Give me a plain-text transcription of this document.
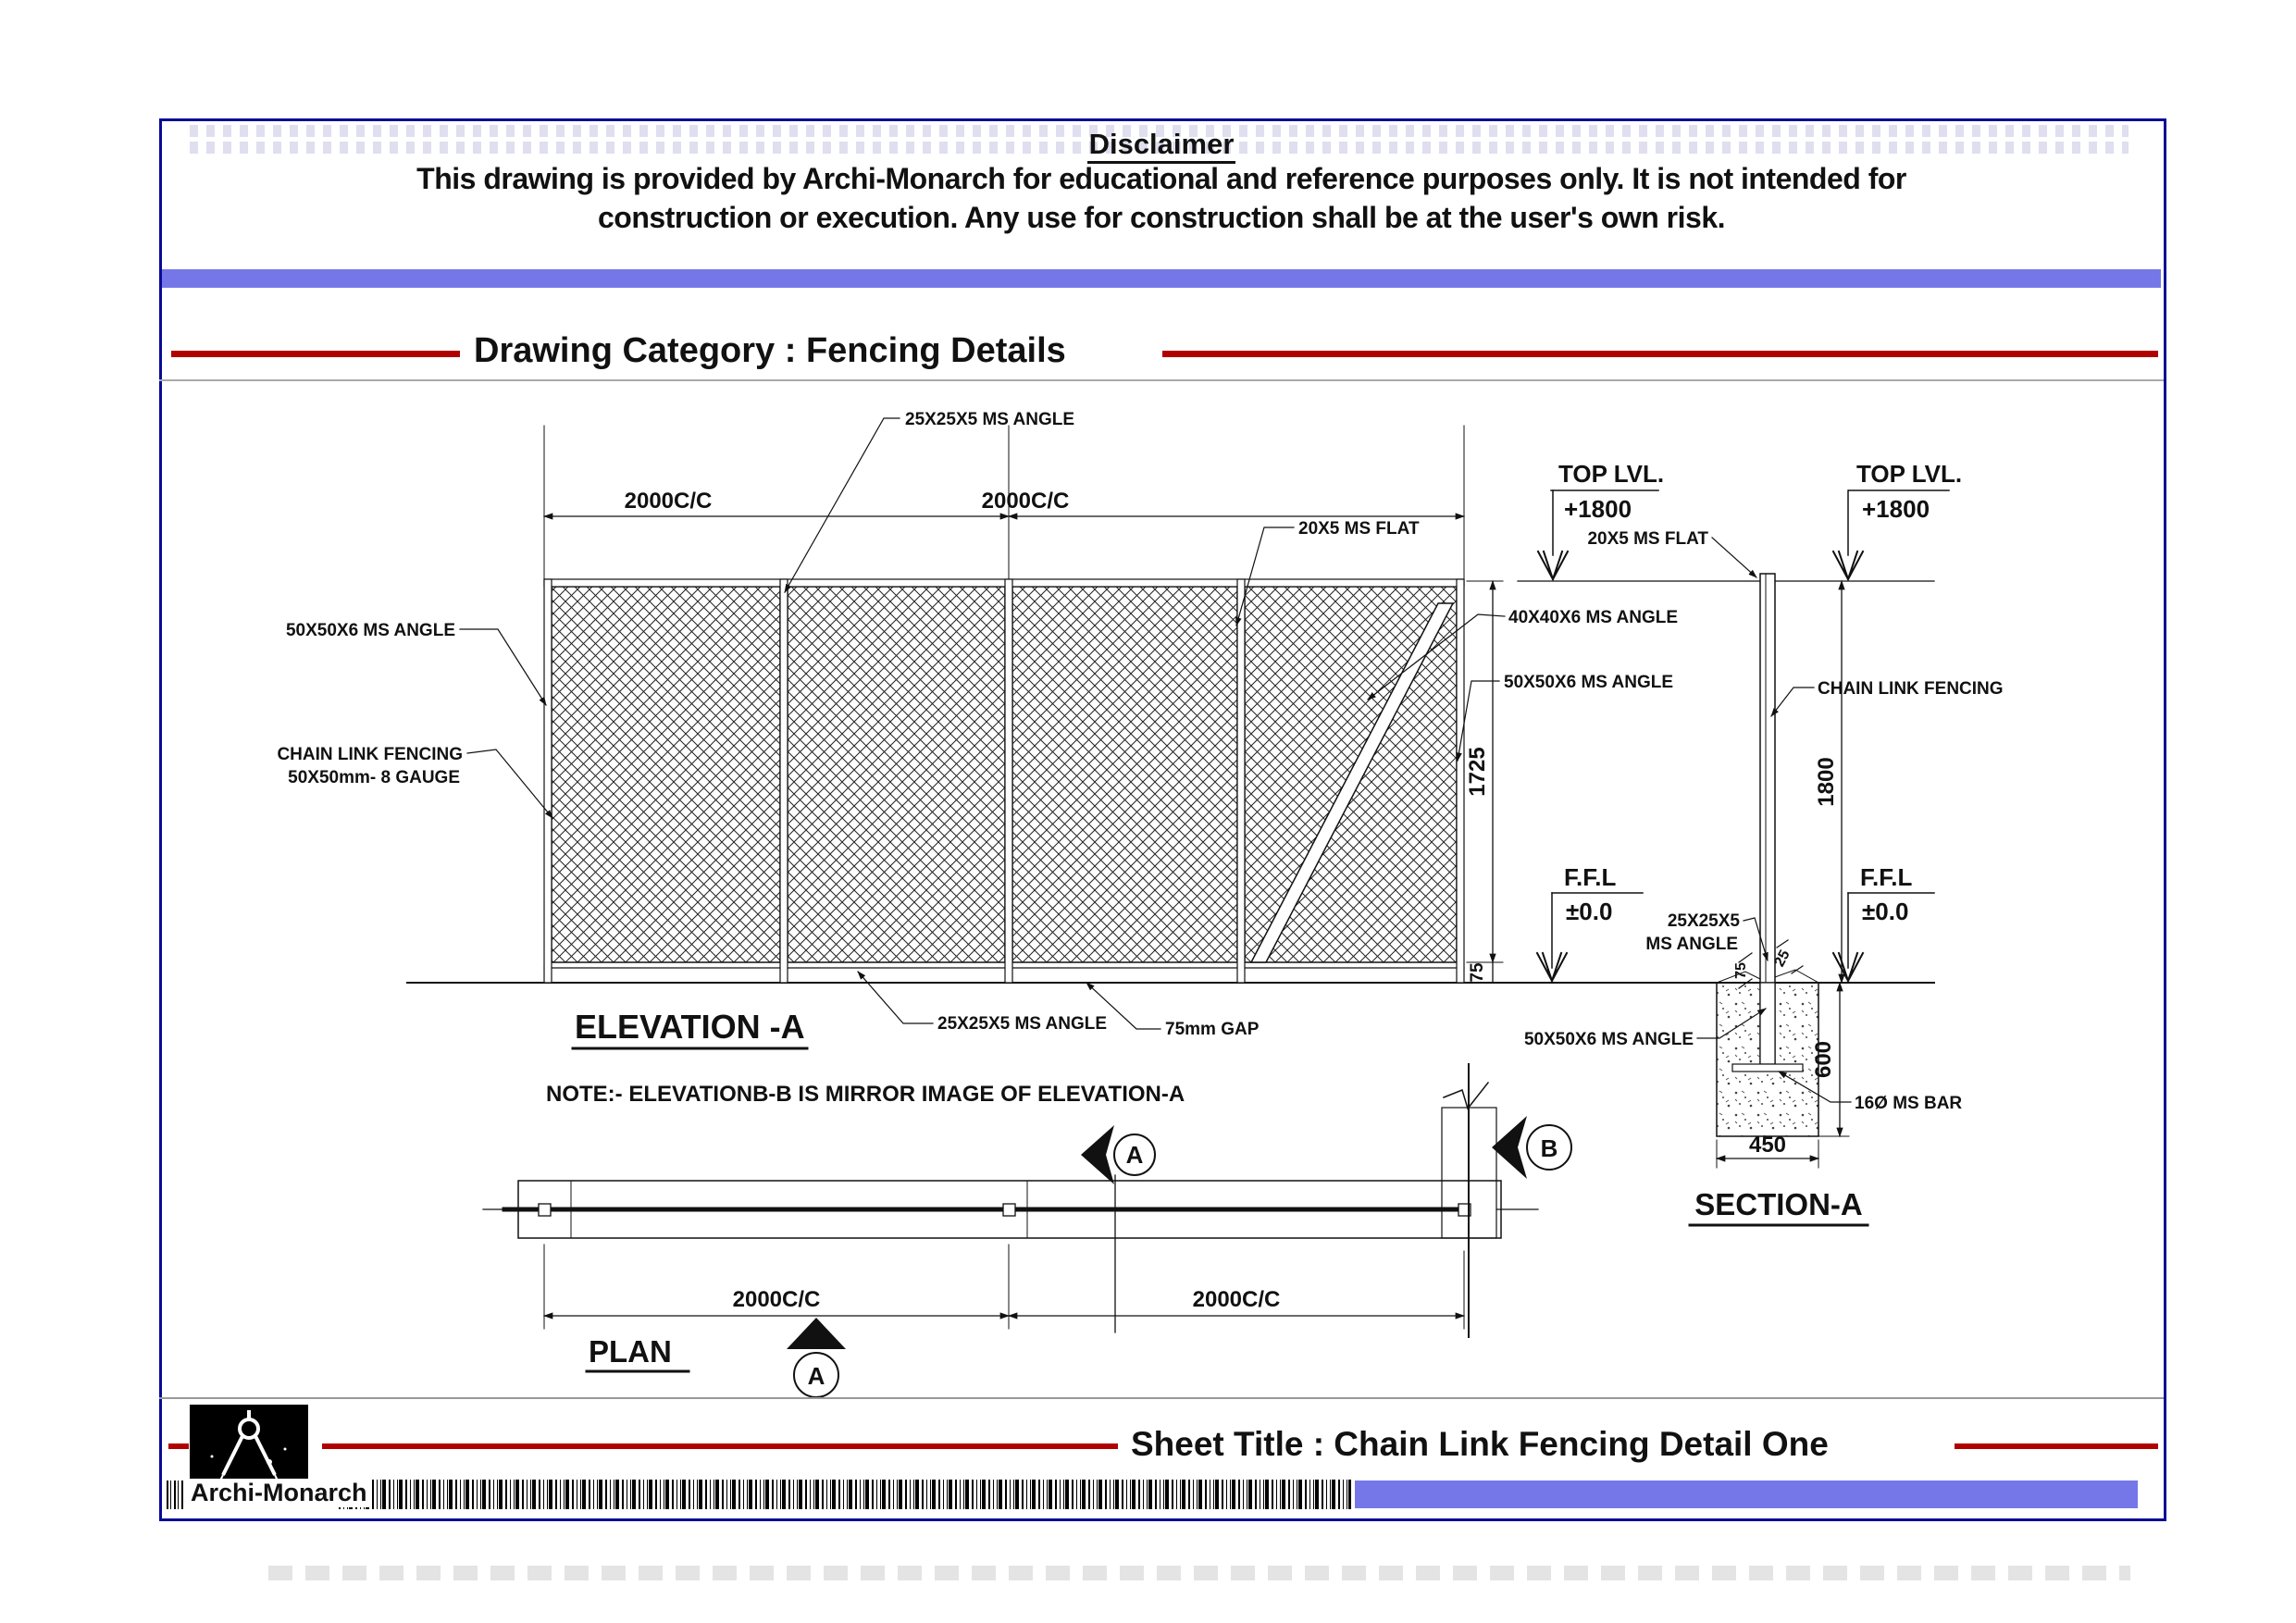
Disclaimer
This drawing is provided by Archi-Monarch for educational and reference purposes only. It is not intended for
construction or execution. Any use for construction shall be at the user's own risk.
Drawing Category : Fencing Details
2000C/C	2000C/C
25X25X5 MS ANGLE
20X5 MS FLAT
40X40X6 MS ANGLE
50X50X6 MS ANGLE
50X50X6 MS ANGLE
CHAIN LINK FENCING
50X50mm- 8 GAUGE	1725
75
ELEVATION -A	25X25X5 MS ANGLE	75mm GAP
NOTE:- ELEVATIONB-B IS MIRROR IMAGE OF ELEVATION-A
F.F.L
±0.0
TOP LVL.
+1800
TOP LVL.
+1800
20X5 MS FLAT
CHAIN LINK FENCING
1800
F.F.L
±0.0
25X25X5
MS ANGLE
75
25
50X50X6 MS ANGLE
16Ø MS BAR
600
450
SECTION-A
B
A
2000C/C	2000C/C
PLAN
A
Sheet Title : Chain Link Fencing Detail One
Archi-Monarch
